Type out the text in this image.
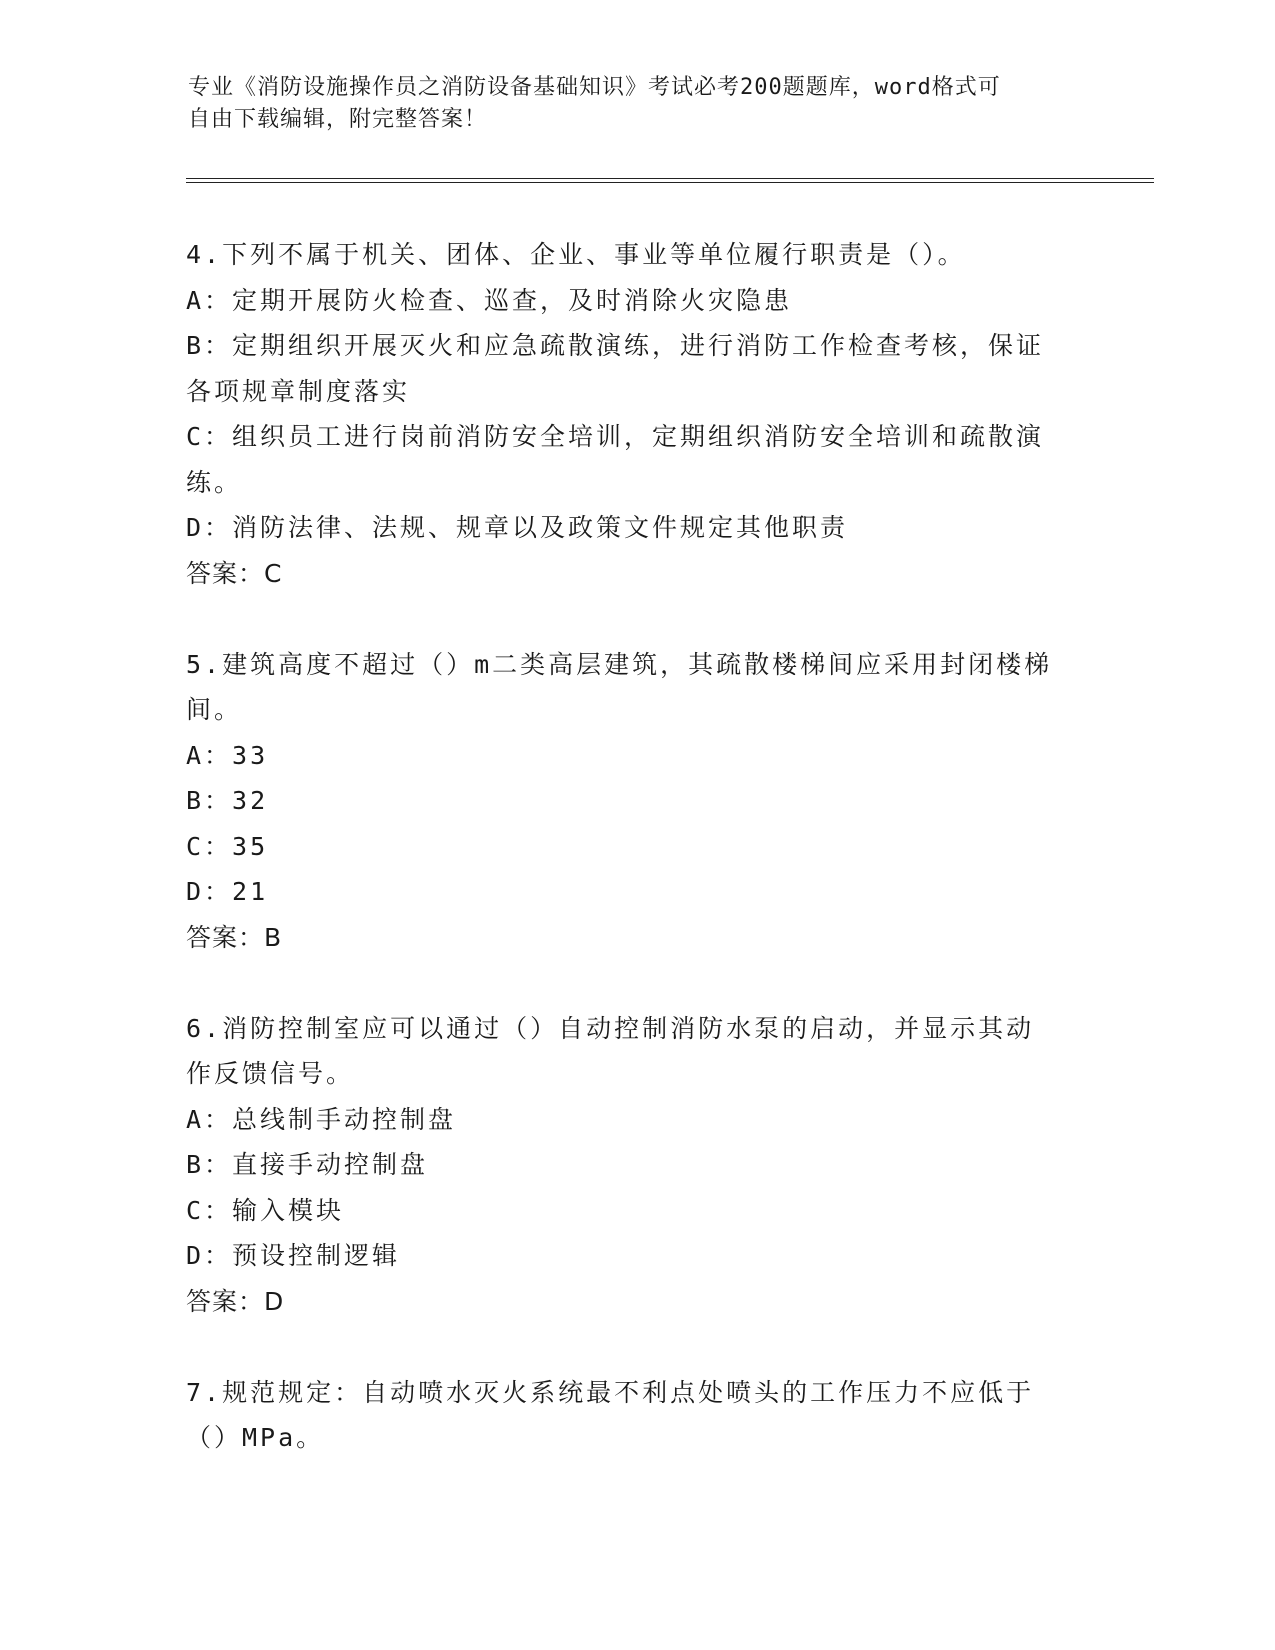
专业《消防设施操作员之消防设备基础知识》考试必考200题题库，word格式可
自由下载编辑，附完整答案！
4.下列不属于机关、团体、企业、事业等单位履行职责是（）。
A：定期开展防火检查、巡查，及时消除火灾隐患
B：定期组织开展灭火和应急疏散演练，进行消防工作检查考核，保证
各项规章制度落实
C：组织员工进行岗前消防安全培训，定期组织消防安全培训和疏散演
练。
D：消防法律、法规、规章以及政策文件规定其他职责
答案：C
5.建筑高度不超过（）m二类高层建筑，其疏散楼梯间应采用封闭楼梯
间。
A：33
B：32
C：35
D：21
答案：B
6.消防控制室应可以通过（）自动控制消防水泵的启动，并显示其动
作反馈信号。
A：总线制手动控制盘
B：直接手动控制盘
C：输入模块
D：预设控制逻辑
答案：D
7.规范规定：自动喷水灭火系统最不利点处喷头的工作压力不应低于
（）MPa。
